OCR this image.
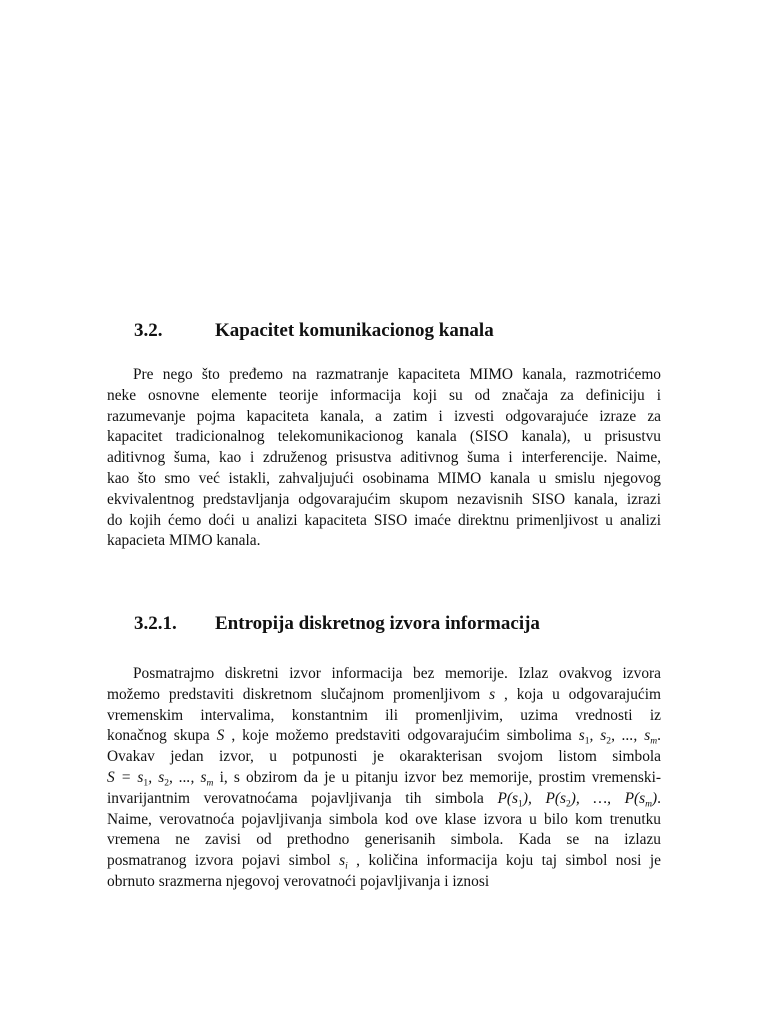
3.2.	Kapacitet komunikacionog kanala
Pre nego što pređemo na razmatranje kapaciteta MIMO kanala, razmotrićemo
neke osnovne elemente teorije informacija koji su od značaja za definiciju i
razumevanje pojma kapaciteta kanala, a zatim i izvesti odgovarajuće izraze za
kapacitet tradicionalnog telekomunikacionog kanala (SISO kanala), u prisustvu
aditivnog šuma, kao i združenog prisustva aditivnog šuma i interferencije. Naime,
kao što smo već istakli, zahvaljujući osobinama MIMO kanala u smislu njegovog
ekvivalentnog predstavljanja odgovarajućim skupom nezavisnih SISO kanala, izrazi
do kojih ćemo doći u analizi kapaciteta SISO imaće direktnu primenljivost u analizi
kapacieta MIMO kanala.
3.2.1. Entropija diskretnog izvora informacija
Posmatrajmo diskretni izvor informacija bez memorije. Izlaz ovakvog izvora
možemo predstaviti diskretnom slučajnom promenljivom s , koja u odgovarajućim
vremenskim intervalima, konstantnim ili promenljivim, uzima vrednosti iz
konačnog skupa S , koje možemo predstaviti odgovarajućim simbolima $s_1$, $s_2$, ..., $s_m$.
Ovakav jedan izvor, u potpunosti je okarakterisan svojom listom simbola
$S = s_1$, $s_2$, ..., $s_m$ i, s obzirom da je u pitanju izvor bez memorije, prostim vremenski-
invarijantnim verovatnoćama pojavljivanja tih simbola $P(s_1)$, $P(s_2)$, …, $P(s_m)$.
Naime, verovatnoća pojavljivanja simbola kod ove klase izvora u bilo kom trenutku
vremena ne zavisi od prethodno generisanih simbola. Kada se na izlazu
posmatranog izvora pojavi simbol $s_i$ , količina informacija koju taj simbol nosi je
obrnuto srazmerna njegovoj verovatnoći pojavljivanja i iznosi
